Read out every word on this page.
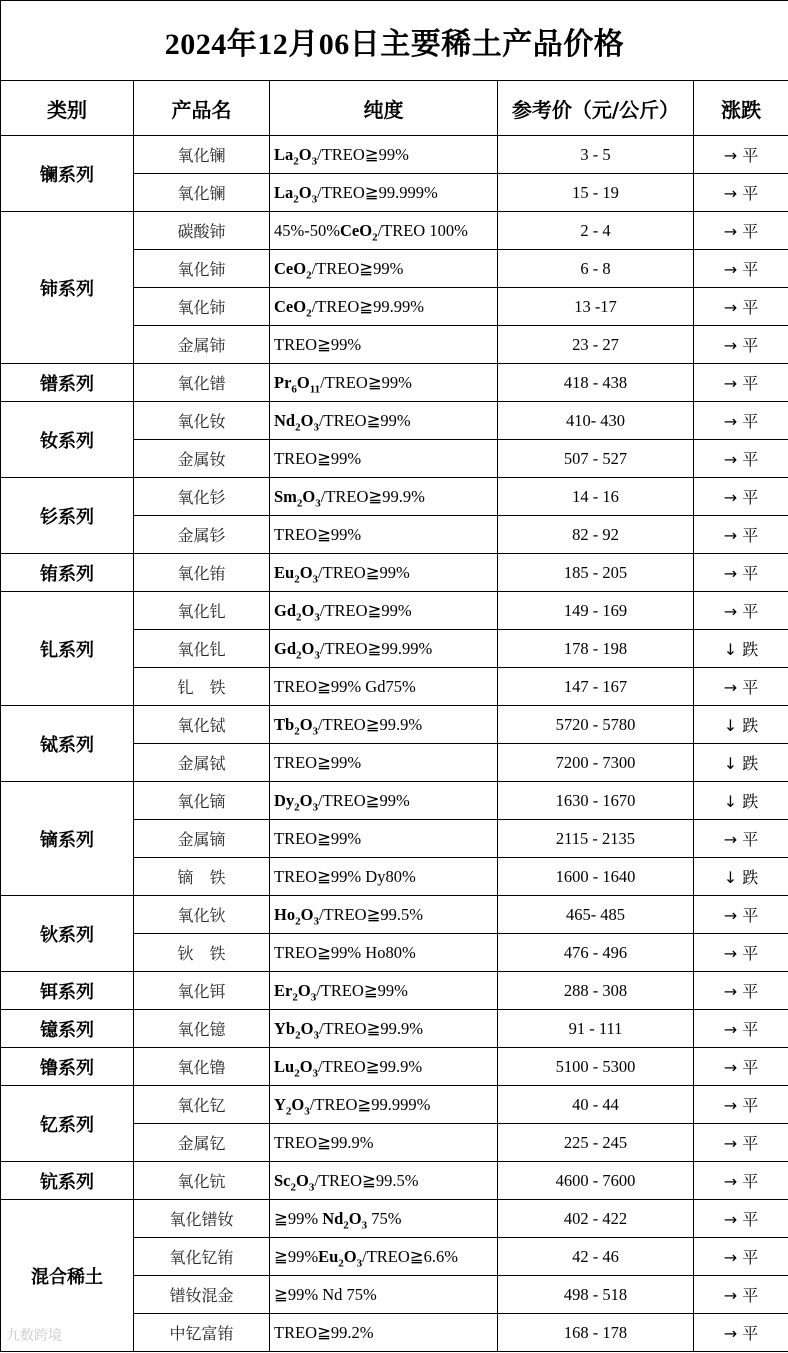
2024年12月06日主要稀土产品价格				
类别	产品名	纯度	参考价（元/公斤）	涨跌
镧系列	氧化镧	$La_2O_3/TREO≧99\%$	3 - 5	→ 平
	氧化镧	$La_2O_3/TREO≧99.999\%$	15 - 19	→ 平
铈系列	碳酸铈	45%-50%CeO$_2$/TREO 100%	2 - 4	→ 平
	氧化铈	CeO$_2$/TREO≧99%	6 - 8	→ 平
	氧化铈	CeO$_2$/TREO≧99.99%	13 -17	→ 平
	金属铈	TREO≧99%	23 - 27	→ 平
镨系列	氧化镨	$Pr_6O_{11}/TREO≧99\%$	418 - 438	→ 平
钕系列	氧化钕	$Nd_2O_3/TREO≧99\%$	410- 430	→ 平
	金属钕	TREO≧99%	507 - 527	→ 平
钐系列	氧化钐	$Sm_2O_3/TREO≧99.9\%$	14 - 16	→ 平
	金属钐	TREO≧99%	82 - 92	→ 平
铕系列	氧化铕	$Eu_2O_3/TREO≧99\%$	185 - 205	→ 平
钆系列	氧化钆	$Gd_2O_3/TREO≧99\%$	149 - 169	→ 平
	氧化钆	$Gd_2O_3/TREO≧99.99\%$	178 - 198	↓ 跌
	钆　铁	TREO≧99% Gd75%	147 - 167	→ 平
铽系列	氧化铽	$Tb_2O_3/TREO≧99.9\%$	5720 - 5780	↓ 跌
	金属铽	TREO≧99%	7200 - 7300	↓ 跌
镝系列	氧化镝	$Dy_2O_3/TREO≧99\%$	1630 - 1670	↓ 跌
	金属镝	TREO≧99%	2115 - 2135	→ 平
	镝　铁	TREO≧99% Dy80%	1600 - 1640	↓ 跌
钬系列	氧化钬	$Ho_2O_3/TREO≧99.5\%$	465- 485	→ 平
	钬　铁	TREO≧99% Ho80%	476 - 496	→ 平
铒系列	氧化铒	$Er_2O_3/TREO≧99\%$	288 - 308	→ 平
镱系列	氧化镱	$Yb_2O_3/TREO≧99.9\%$	91 - 111	→ 平
镥系列	氧化镥	$Lu_2O_3/TREO≧99.9\%$	5100 - 5300	→ 平
钇系列	氧化钇	$Y_2O_3/TREO≧99.999\%$	40 - 44	→ 平
	金属钇	TREO≧99.9%	225 - 245	→ 平
钪系列	氧化钪	$Sc_2O_3/TREO≧99.5\%$	4600 - 7600	→ 平
混合稀土	氧化镨钕	≧99% $Nd_2O_3$ 75%	402 - 422	→ 平
	氧化钇铕	$≧99\%Eu_2O_3/TREO≧6.6\%$	42 - 46	→ 平
	镨钕混金	≧99% Nd 75%	498 - 518	→ 平
	中钇富铕	TREO≧99.2%	168 - 178	→ 平
九数跨境
